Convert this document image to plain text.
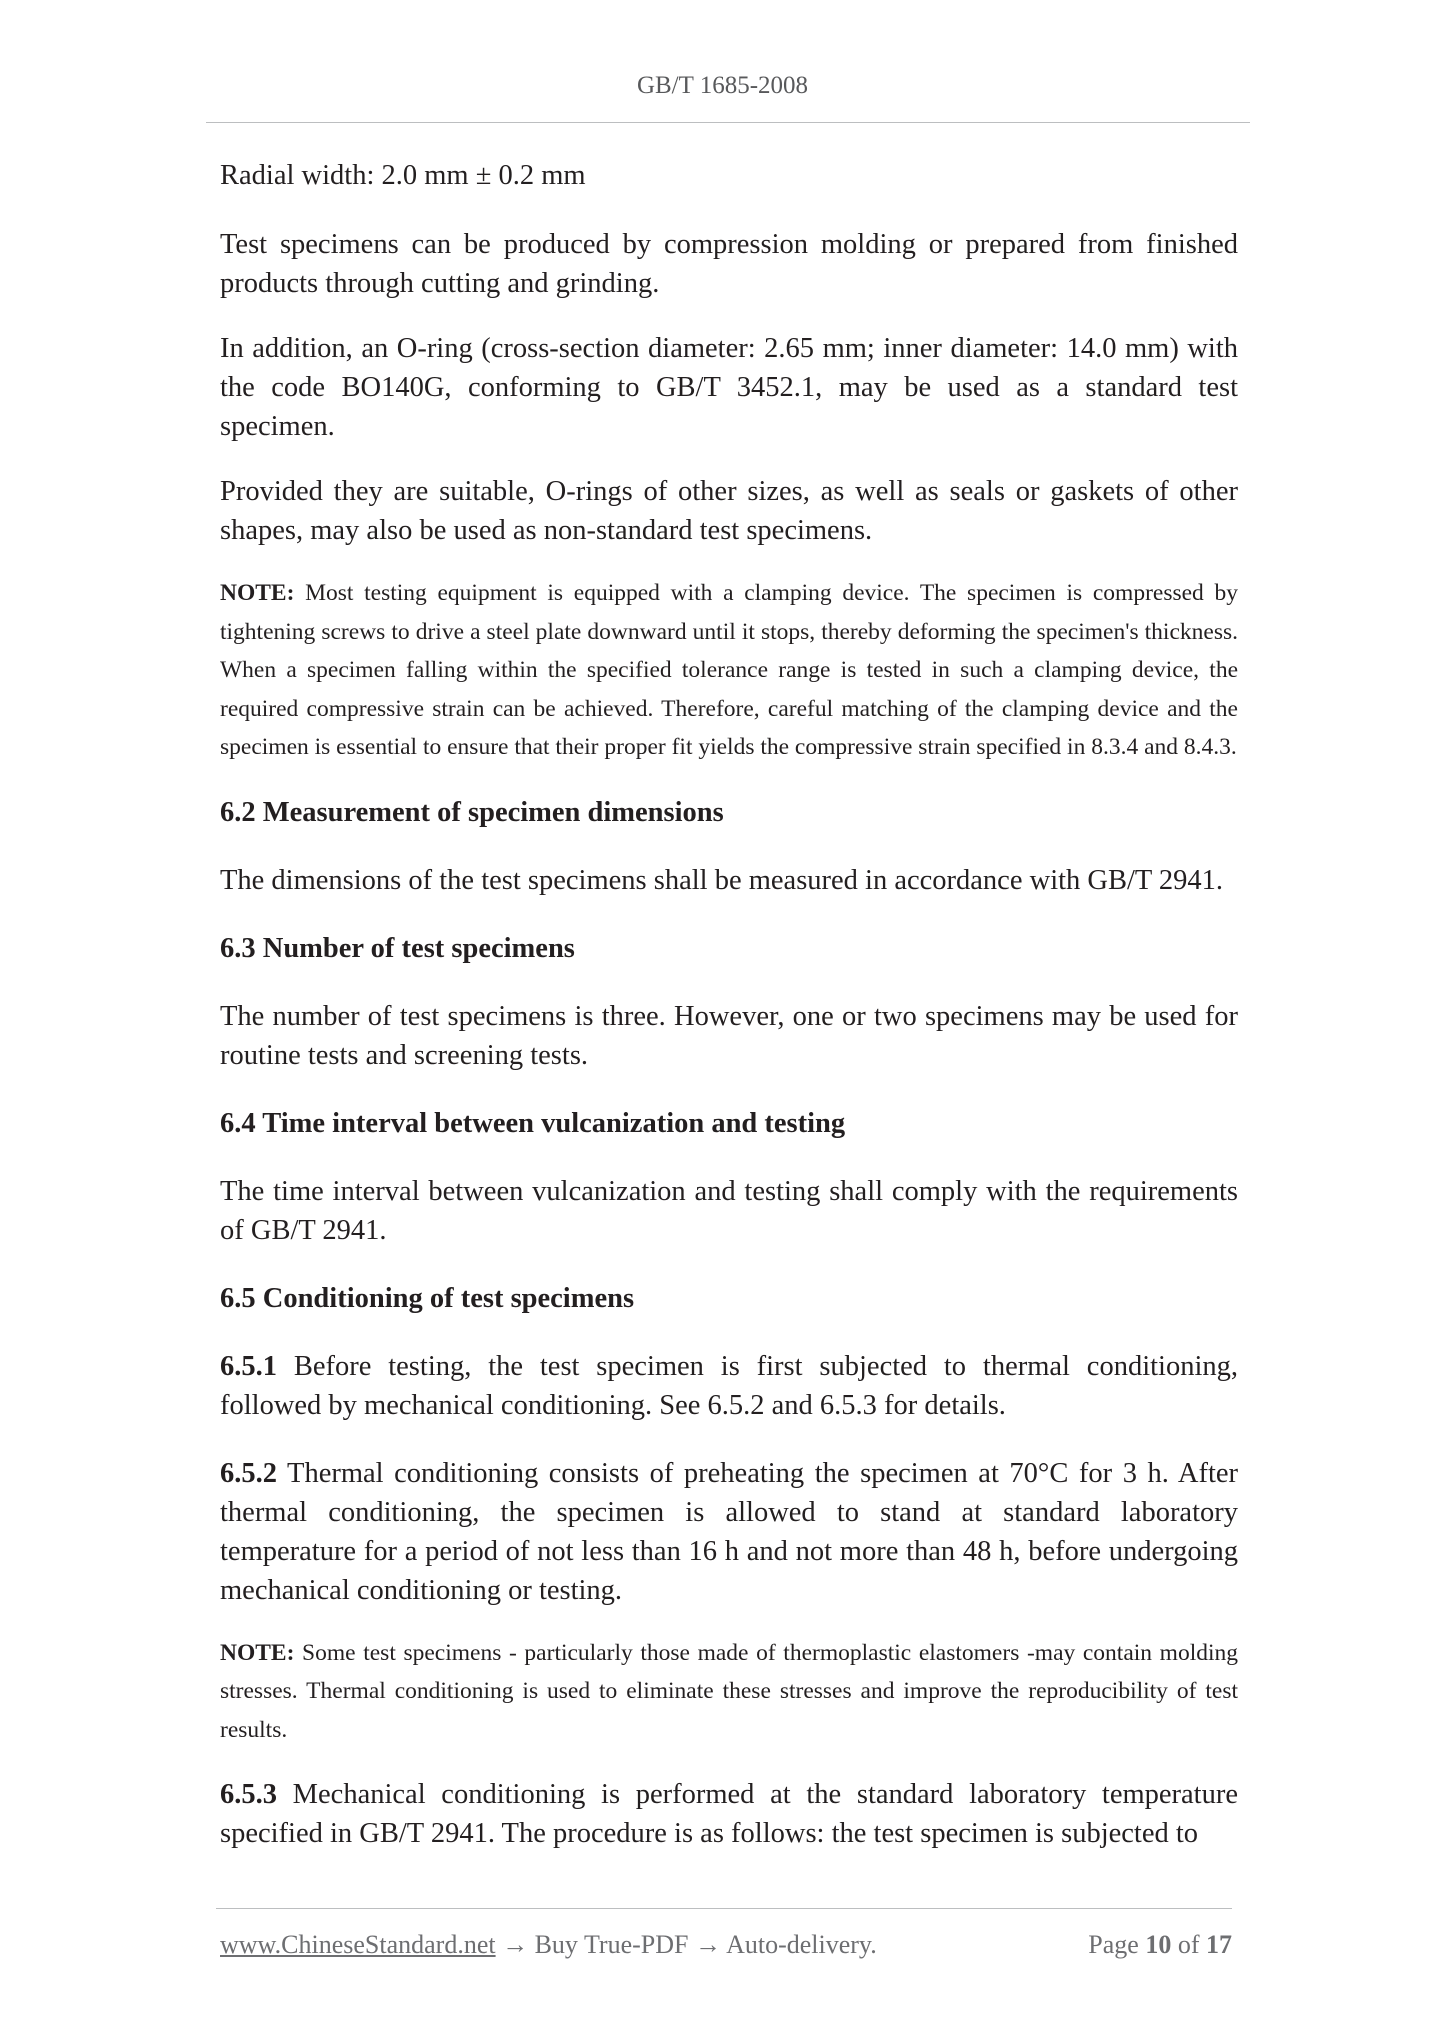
GB/T 1685-2008

Radial width: 2.0 mm ± 0.2 mm

Test specimens can be produced by compression molding or prepared from finished products through cutting and grinding.

In addition, an O-ring (cross-section diameter: 2.65 mm; inner diameter: 14.0 mm) with the code BO140G, conforming to GB/T 3452.1, may be used as a standard test specimen.

Provided they are suitable, O-rings of other sizes, as well as seals or gaskets of other shapes, may also be used as non-standard test specimens.

NOTE: Most testing equipment is equipped with a clamping device. The specimen is compressed by tightening screws to drive a steel plate downward until it stops, thereby deforming the specimen's thickness. When a specimen falling within the specified tolerance range is tested in such a clamping device, the required compressive strain can be achieved. Therefore, careful matching of the clamping device and the specimen is essential to ensure that their proper fit yields the compressive strain specified in 8.3.4 and 8.4.3.

6.2 Measurement of specimen dimensions

The dimensions of the test specimens shall be measured in accordance with GB/T 2941.

6.3 Number of test specimens

The number of test specimens is three. However, one or two specimens may be used for routine tests and screening tests.

6.4 Time interval between vulcanization and testing

The time interval between vulcanization and testing shall comply with the requirements of GB/T 2941.

6.5 Conditioning of test specimens

6.5.1 Before testing, the test specimen is first subjected to thermal conditioning, followed by mechanical conditioning. See 6.5.2 and 6.5.3 for details.

6.5.2 Thermal conditioning consists of preheating the specimen at 70°C for 3 h. After thermal conditioning, the specimen is allowed to stand at standard laboratory temperature for a period of not less than 16 h and not more than 48 h, before undergoing mechanical conditioning or testing.

NOTE: Some test specimens - particularly those made of thermoplastic elastomers -may contain molding stresses. Thermal conditioning is used to eliminate these stresses and improve the reproducibility of test results.

6.5.3 Mechanical conditioning is performed at the standard laboratory temperature specified in GB/T 2941. The procedure is as follows: the test specimen is subjected to

www.ChineseStandard.net → Buy True-PDF → Auto-delivery.	Page 10 of 17
